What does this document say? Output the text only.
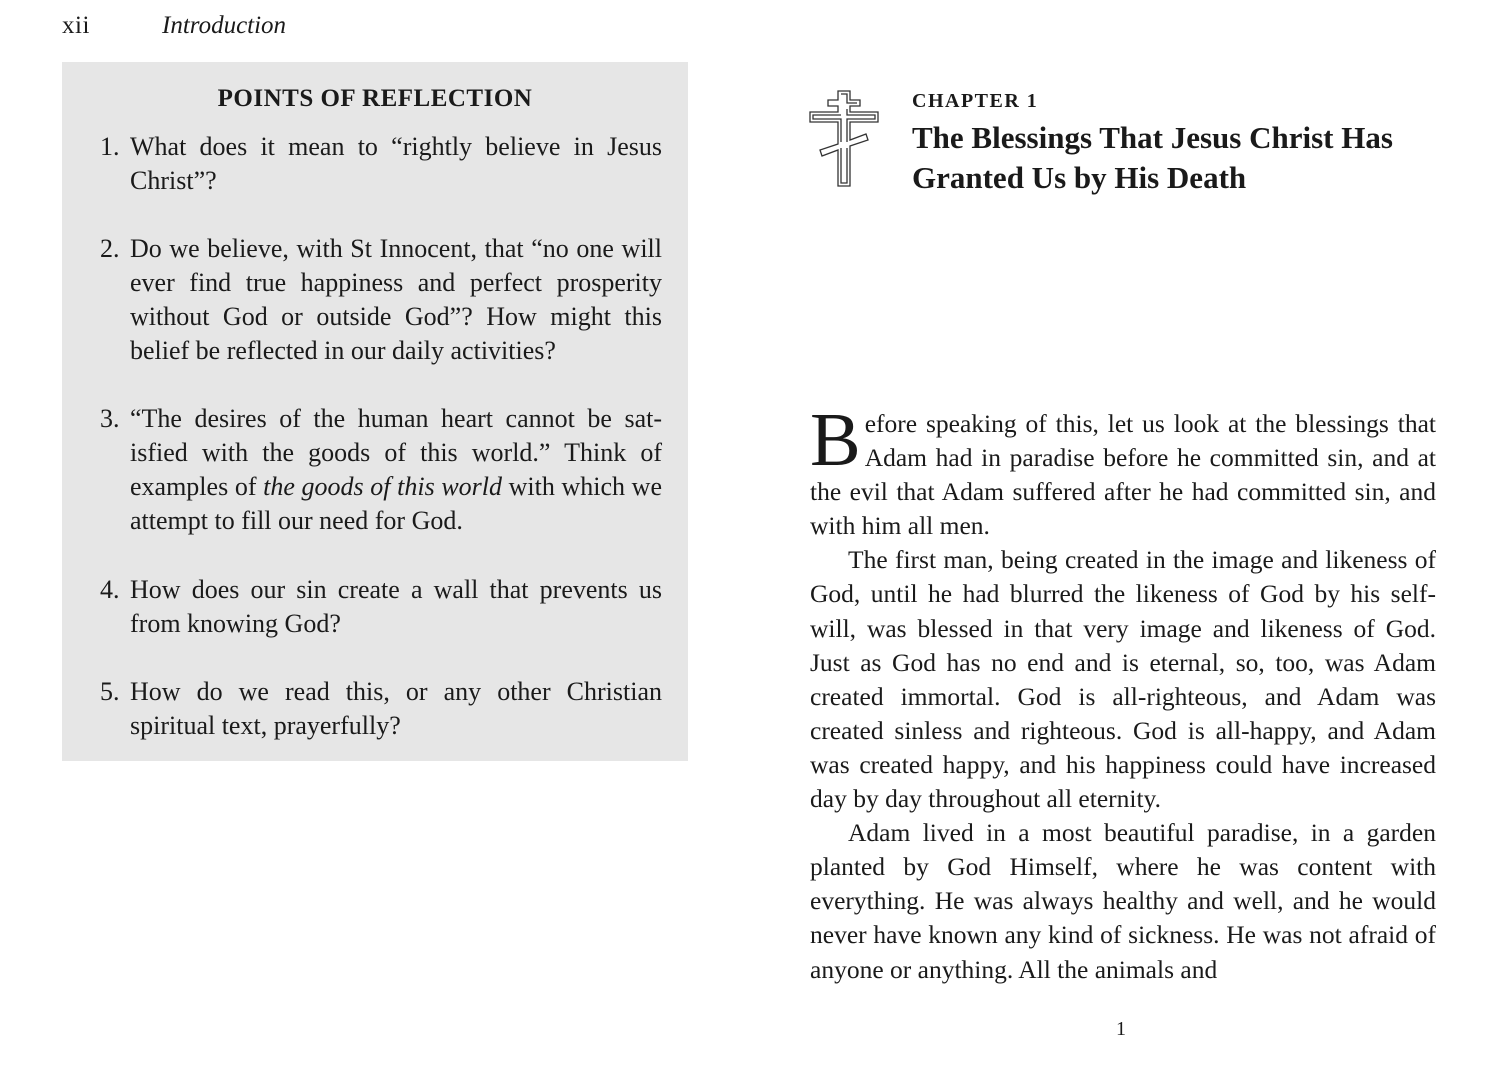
xii	Introduction
POINTS OF REFLECTION
1. What does it mean to “rightly believe in Jesus Christ”?
2. Do we believe, with St Innocent, that “no one will ever find true happiness and perfect prosperity without God or outside God”? How might this belief be reflected in our daily activities?
3. “The desires of the human heart cannot be sat-isfied with the goods of this world.” Think of examples of the goods of this world with which we attempt to fill our need for God.
4. How does our sin create a wall that prevents us from knowing God?
5. How do we read this, or any other Christian spiritual text, prayerfully?
CHAPTER 1
The Blessings That Jesus Christ Has Granted Us by His Death

Before speaking of this, let us look at the blessings that Adam had in paradise before he committed sin, and at the evil that Adam suffered after he had committed sin, and with him all men.

The first man, being created in the image and likeness of God, until he had blurred the likeness of God by his self-will, was blessed in that very image and likeness of God. Just as God has no end and is eternal, so, too, was Adam created immortal. God is all-righteous, and Adam was created sinless and righteous. God is all-happy, and Adam was created happy, and his happiness could have increased day by day throughout all eternity.

Adam lived in a most beautiful paradise, in a garden planted by God Himself, where he was content with everything. He was always healthy and well, and he would never have known any kind of sickness. He was not afraid of anyone or anything. All the animals and

1
